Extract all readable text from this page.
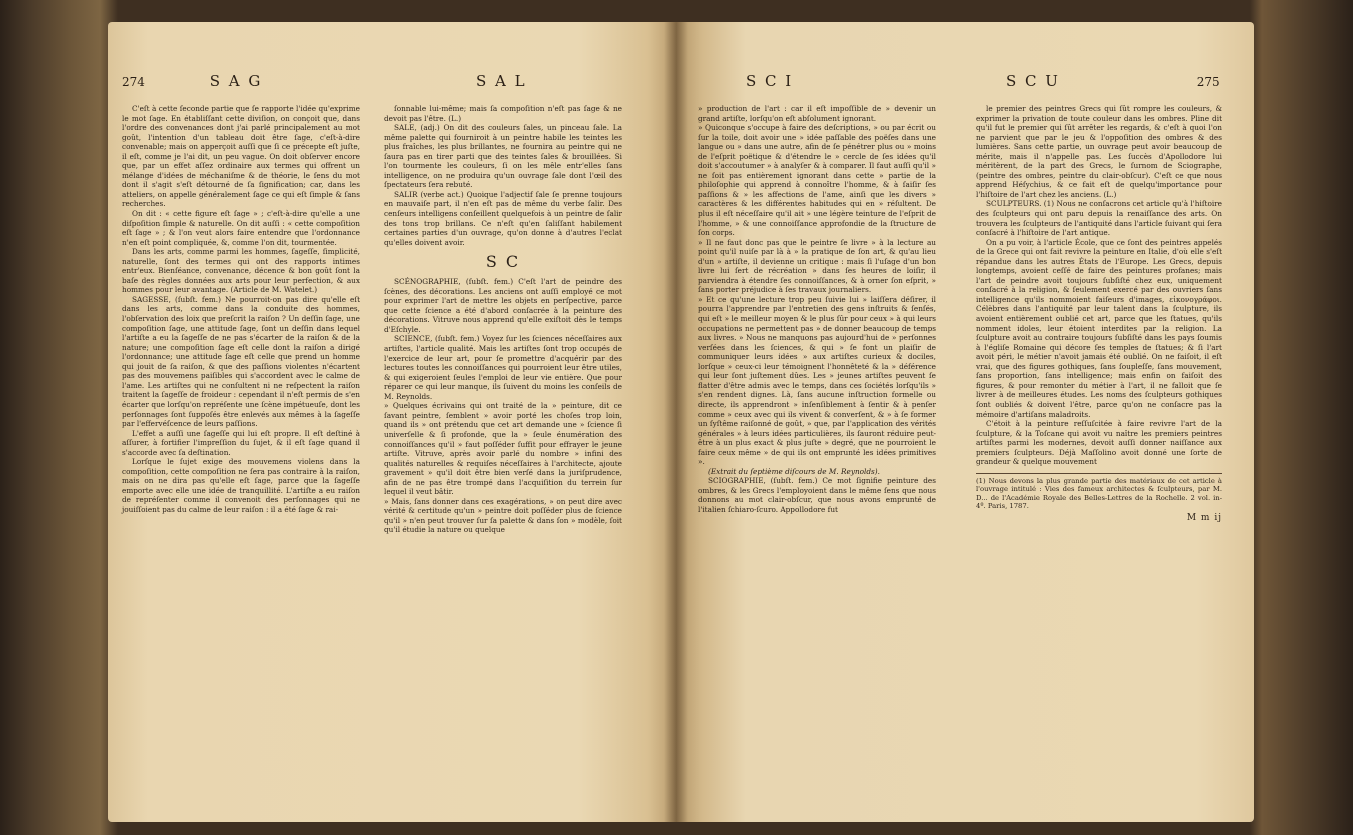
274	S A G	S A L

C'eſt à cette ſeconde partie que ſe rapporte l'idée qu'exprime le mot ſage. En établiſſant cette diviſion, on conçoit que, dans l'ordre des convenances dont j'ai parlé principalement au mot goût, l'intention d'un tableau doit être ſage, c'eſt-à-dire convenable; mais on apperçoit auſſi que ſi ce précepte eſt juſte, il eſt, comme je l'ai dit, un peu vague. On doit obſerver encore que, par un effet aſſez ordinaire aux termes qui offrent un mélange d'idées de méchaniſme & de théorie, le ſens du mot dont il s'agit s'eſt détourné de ſa ſignification; car, dans les atteliers, on appelle généralement ſage ce qui eſt ſimple & ſans recherches.

On dit : « cette figure eſt ſage » ; c'eſt-à-dire qu'elle a une diſpoſition ſimple & naturelle. On dit auſſi : « cette compoſition eſt ſage » ; & l'on veut alors faire entendre que l'ordonnance n'en eſt point compliquée, &, comme l'on dit, tourmentée.

Dans les arts, comme parmi les hommes, ſageſſe, ſimplicité, naturelle, ſont des termes qui ont des rapports intimes entr'eux. Bienſéance, convenance, décence & bon goût ſont la baſe des règles données aux arts pour leur perfection, & aux hommes pour leur avantage. (Article de M. Watelet.)

SAGESSE, (ſubſt. fem.) Ne pourroit-on pas dire qu'elle eſt dans les arts, comme dans la conduite des hommes, l'obſervation des loix que preſcrit la raiſon ? Un deſſin ſage, une compoſition ſage, une attitude ſage, ſont un deſſin dans lequel l'artiſte a eu la ſageſſe de ne pas s'écarter de la raiſon & de la nature; une compoſition ſage eſt celle dont la raiſon a dirigé l'ordonnance; une attitude ſage eſt celle que prend un homme qui jouit de ſa raiſon, & que des paſſions violentes n'écartent pas des mouvemens paiſibles qui s'accordent avec le calme de l'ame. Les artiſtes qui ne conſultent ni ne reſpectent la raiſon traitent la ſageſſe de froideur : cependant il n'eſt permis de s'en écarter que lorſqu'on repréſente une ſcène impétueuſe, dont les perſonnages ſont ſuppoſés être enlevés aux mêmes à la ſageſſe par l'effervéſcence de leurs paſſions.

L'effet a auſſi une ſageſſe qui lui eſt propre. Il eſt deſtiné à aſſurer, à fortifier l'impreſſion du ſujet, & il eſt ſage quand il s'accorde avec ſa deſtination.

Lorſque le ſujet exige des mouvemens violens dans la compoſition, cette compoſition ne ſera pas contraire à la raiſon, mais on ne dira pas qu'elle eſt ſage, parce que la ſageſſe emporte avec elle une idée de tranquillité. L'artiſte a eu raiſon de repréſenter comme il convenoit des perſonnages qui ne jouiſſoient pas du calme de leur raiſon : il a été ſage & rai-

ſonnable lui-même; mais ſa compoſition n'eſt pas ſage & ne devoit pas l'être. (L.)

SALE, (adj.) On dit des couleurs ſales, un pinceau ſale. La même palette qui fourniroit à un peintre habile les teintes les plus fraîches, les plus brillantes, ne fournira au peintre qui ne ſaura pas en tirer parti que des teintes ſales & brouillées. Si l'on tourmente les couleurs, ſi on les mêle entr'elles ſans intelligence, on ne produira qu'un ouvrage ſale dont l'œil des ſpectateurs ſera rebuté.

SALIR (verbe act.) Quoique l'adjectif ſale ſe prenne toujours en mauvaiſe part, il n'en eſt pas de même du verbe ſalir. Des cenſeurs intelligens conſeillent quelquefois à un peintre de ſalir des tons trop brillans. Ce n'eſt qu'en ſaliſſant habilement certaines parties d'un ouvrage, qu'on donne à d'autres l'eclat qu'elles doivent avoir.

S C

SCÉNOGRAPHIE, (ſubſt. fem.) C'eſt l'art de peindre des ſcènes, des décorations. Les anciens ont auſſi employé ce mot pour exprimer l'art de mettre les objets en perſpective, parce que cette ſcience a été d'abord conſacrée à la peinture des décorations. Vitruve nous apprend qu'elle exiſtoit dès le temps d'Eſchyle.

SCIENCE, (ſubſt. fem.) Voyez ſur les ſciences néceſſaires aux artiſtes, l'article qualité. Mais les artiſtes ſont trop occupés de l'exercice de leur art, pour ſe promettre d'acquérir par des lectures toutes les connoiſſances qui pourroient leur être utiles, & qui exigeroient ſeules l'emploi de leur vie entière. Que pour réparer ce qui leur manque, ils ſuivent du moins les conſeils de M. Reynolds.

» Quelques écrivains qui ont traité de la » peinture, dit ce ſavant peintre, ſemblent » avoir porté les choſes trop loin, quand ils » ont prétendu que cet art demande une » ſcience ſi univerſelle & ſi profonde, que la » ſeule énumération des connoiſſances qu'il » faut poſſéder ſuffit pour effrayer le jeune artiſte. Vitruve, après avoir parlé du nombre » infini des qualités naturelles & requiſes néceſſaires à l'architecte, ajoute gravement » qu'il doit être bien verſé dans la juriſprudence, afin de ne pas être trompé dans l'acquiſition du terrein ſur lequel il veut bâtir.

» Mais, ſans donner dans ces exagérations, » on peut dire avec vérité & certitude qu'un » peintre doit poſſéder plus de ſcience qu'il » n'en peut trouver ſur ſa palette & dans ſon » modèle, ſoit qu'il étudie la nature ou quelque

S C I	S C U	275

» production de l'art : car il eſt impoſſible de » devenir un grand artiſte, lorſqu'on eſt abſolument ignorant.

» Quiconque s'occupe à faire des deſcriptions, » ou par écrit ou ſur la toile, doit avoir une » idée paſſable des poëſes dans une langue ou » dans une autre, afin de ſe pénétrer plus ou » moins de l'eſprit poëtique & d'étendre le » cercle de ſes idées qu'il doit s'accoutumer » à analyſer & à comparer. Il faut auſſi qu'il » ne ſoit pas entièrement ignorant dans cette » partie de la philoſophie qui apprend à connoître l'homme, & à ſaiſir ſes paſſions & » les affections de l'ame, ainſi que les divers » caractères & les différentes habitudes qui en » réſultent. De plus il eſt néceſſaire qu'il ait » une légère teinture de l'eſprit de l'homme, » & une connoiſſance approfondie de la ſtructure de ſon corps.

» Il ne faut donc pas que le peintre ſe livre » à la lecture au point qu'il nuiſe par là à » la pratique de ſon art, & qu'au lieu d'un » artiſte, il devienne un critique : mais ſi l'uſage d'un bon livre lui ſert de récréation » dans ſes heures de loiſir, il parviendra à étendre ſes connoiſſances, & à orner ſon eſprit, » ſans porter préjudice à ſes travaux journaliers.

» Et ce qu'une lecture trop peu ſuivie lui » laiſſera déſirer, il pourra l'apprendre par l'entretien des gens inſtruits & ſenſés, qui eſt » le meilleur moyen & le plus ſûr pour ceux » à qui leurs occupations ne permettent pas » de donner beaucoup de temps aux livres. » Nous ne manquons pas aujourd'hui de » perſonnes verſées dans les ſciences, & qui » ſe font un plaiſir de communiquer leurs idées » aux artiſtes curieux & dociles, lorſque » ceux-ci leur témoignent l'honnêteté & la » déférence qui leur ſont juſtement dûes. Les » jeunes artiſtes peuvent ſe flatter d'être admis avec le temps, dans ces ſociétés lorſqu'ils » s'en rendent dignes. Là, ſans aucune inſtruction formelle ou directe, ils apprendront » inſenſiblement à ſentir & à penſer comme » ceux avec qui ils vivent & converſent, & » à ſe former un ſyſtême raiſonné de goût, » que, par l'application des vérités générales » à leurs idées particulières, ils ſauront réduire peut-être à un plus exact & plus juſte » degré, que ne pourroient le faire ceux même » de qui ils ont emprunté les idées primitives ».

(Extrait du ſeptième diſcours de M. Reynolds).

SCIOGRAPHIE, (ſubſt. fem.) Ce mot ſignifie peinture des ombres, & les Grecs l'employoient dans le même ſens que nous donnons au mot clair-obſcur, que nous avons emprunté de l'italien ſchiaro-ſcuro. Appollodore fut

le premier des peintres Grecs qui ſût rompre les couleurs, & exprimer la privation de toute couleur dans les ombres. Pline dit qu'il fut le premier qui ſût arrêter les regards, & c'eſt à quoi l'on ne parvient que par le jeu & l'oppoſition des ombres & des lumières. Sans cette partie, un ouvrage peut avoir beaucoup de mérite, mais il n'appelle pas. Les ſuccès d'Apollodore lui méritèrent, de la part des Grecs, le ſurnom de Sciographe, (peintre des ombres, peintre du clair-obſcur). C'eſt ce que nous apprend Héſychius, & ce fait eſt de quelqu'importance pour l'hiſtoire de l'art chez les anciens. (L.)

SCULPTEURS. (1) Nous ne conſacrons cet article qu'à l'hiſtoire des ſculpteurs qui ont paru depuis la renaiſſance des arts. On trouvera les ſculpteurs de l'antiquité dans l'article ſuivant qui ſera conſacré à l'hiſtoire de l'art antique.

On a pu voir, à l'article École, que ce ſont des peintres appelés de la Grece qui ont fait revivre la peinture en Italie, d'où elle s'eſt répandue dans les autres États de l'Europe. Les Grecs, depuis longtemps, avoient ceſſé de faire des peintures profanes; mais l'art de peindre avoit toujours ſubſiſté chez eux, uniquement conſacré à la religion, & ſeulement exercé par des ouvriers ſans intelligence qu'ils nommoient faiſeurs d'images, εἰκονογράφοι. Célèbres dans l'antiquité par leur talent dans la ſculpture, ils avoient entièrement oublié cet art, parce que les ſtatues, qu'ils nomment idoles, leur étoient interdites par la religion. La ſculpture avoit au contraire toujours ſubſiſté dans les pays ſoumis à l'égliſe Romaine qui décore ſes temples de ſtatues; & ſi l'art avoit péri, le métier n'avoit jamais été oublié. On ne faiſoit, il eſt vrai, que des figures gothiques, ſans ſoupleſſe, ſans mouvement, ſans proportion, ſans intelligence; mais enfin on faiſoit des figures, & pour remonter du métier à l'art, il ne falloit que ſe livrer à de meilleures études. Les noms des ſculpteurs gothiques ſont oubliés & doivent l'être, parce qu'on ne conſacre pas la mémoire d'artiſans maladroits.

C'étoit à la peinture reſſuſcitée à faire revivre l'art de la ſculpture, & la Toſcane qui avoit vu naître les premiers peintres artiſtes parmi les modernes, devoit auſſi donner naiſſance aux premiers ſculpteurs. Déjà Maſſolino avoit donné une ſorte de grandeur & quelque mouvement

(1) Nous devons la plus grande partie des matériaux de cet article à l'ouvrage intitulé : Vies des fameux architectes & ſculpteurs, par M. D... de l'Académie Royale des Belles-Lettres de la Rochelle. 2 vol. in-4º. Paris, 1787.
M m ij
